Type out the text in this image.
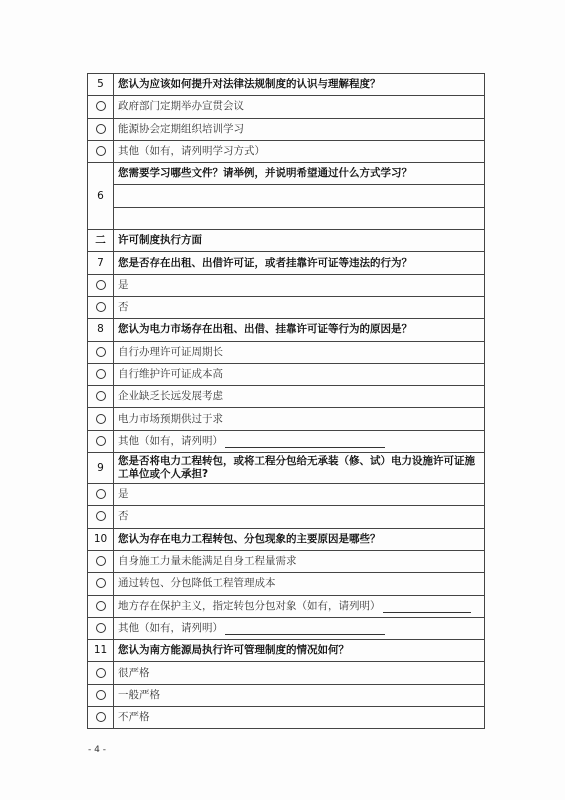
5	您认为应该如何提升对法律法规制度的认识与理解程度？
	政府部门定期举办宣贯会议
	能源协会定期组织培训学习
	其他（如有，请列明学习方式）
6	您需要学习哪些文件？请举例，并说明希望通过什么方式学习？

二	许可制度执行方面
7	您是否存在出租、出借许可证，或者挂靠许可证等违法的行为？
	是
	否
8	您认为电力市场存在出租、出借、挂靠许可证等行为的原因是？
	自行办理许可证周期长
	自行维护许可证成本高
	企业缺乏长远发展考虑
	电力市场预期供过于求
	其他（如有，请列明）
9	您是否将电力工程转包，或将工程分包给无承装（修、试）电力设施许可证施工单位或个人承担?
	是
	否
10	您认为存在电力工程转包、分包现象的主要原因是哪些？
	自身施工力量未能满足自身工程量需求
	通过转包、分包降低工程管理成本
	地方存在保护主义，指定转包分包对象（如有，请列明）
	其他（如有，请列明）
11	您认为南方能源局执行许可管理制度的情况如何？
	很严格
	一般严格
	不严格
- 4 -
